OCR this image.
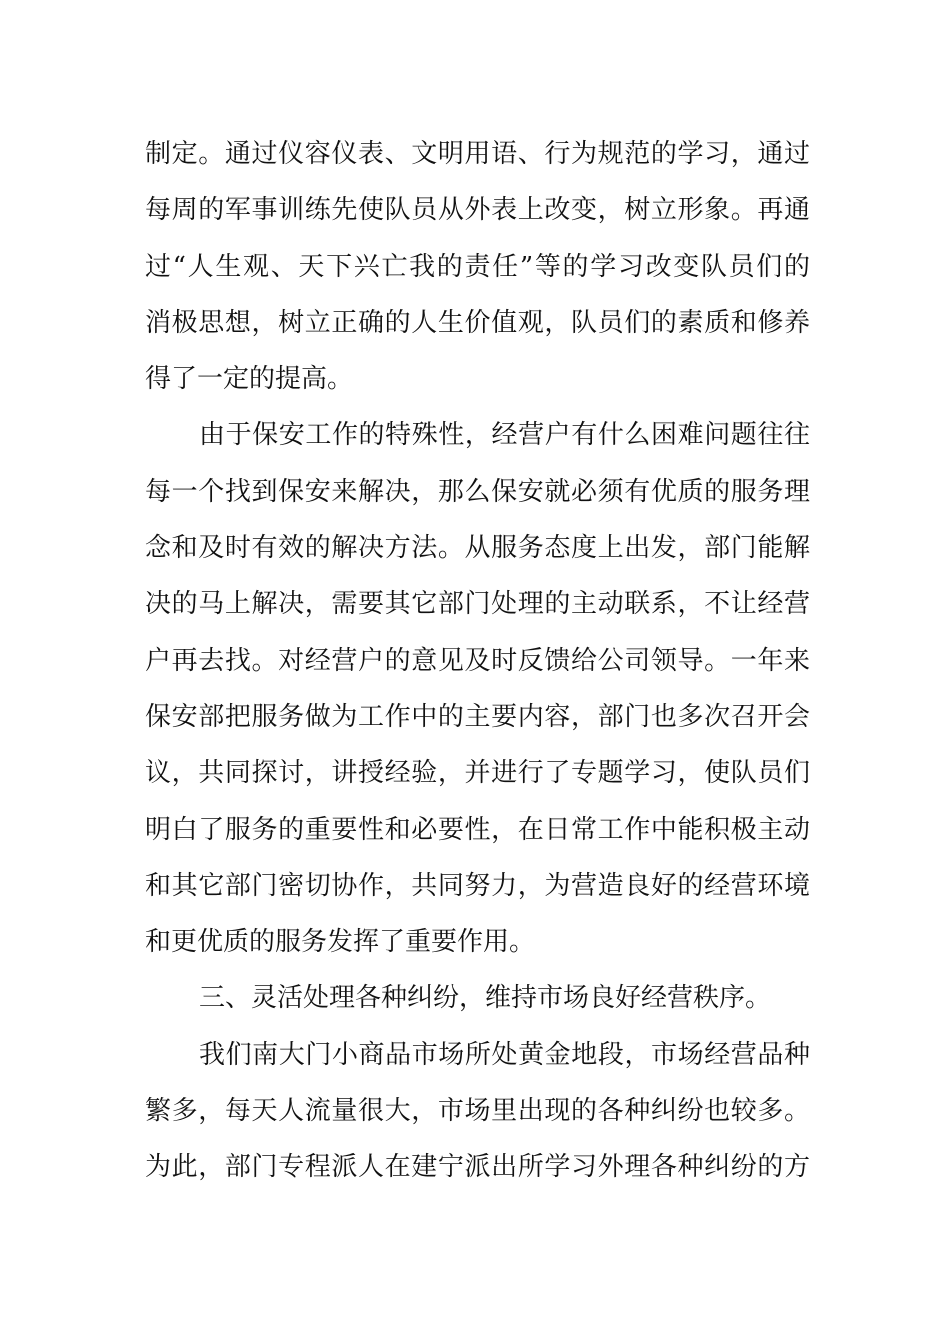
制定。通过仪容仪表、文明用语、行为规范的学习，通过
每周的军事训练先使队员从外表上改变，树立形象。再通
过“人生观、天下兴亡我的责任”等的学习改变队员们的
消极思想，树立正确的人生价值观，队员们的素质和修养
得了一定的提高。
由于保安工作的特殊性，经营户有什么困难问题往往
每一个找到保安来解决，那么保安就必须有优质的服务理
念和及时有效的解决方法。从服务态度上出发，部门能解
决的马上解决，需要其它部门处理的主动联系，不让经营
户再去找。对经营户的意见及时反馈给公司领导。一年来
保安部把服务做为工作中的主要内容，部门也多次召开会
议，共同探讨，讲授经验，并进行了专题学习，使队员们
明白了服务的重要性和必要性，在日常工作中能积极主动
和其它部门密切协作，共同努力，为营造良好的经营环境
和更优质的服务发挥了重要作用。
三、灵活处理各种纠纷，维持市场良好经营秩序。
我们南大门小商品市场所处黄金地段，市场经营品种
繁多，每天人流量很大，市场里出现的各种纠纷也较多。
为此，部门专程派人在建宁派出所学习外理各种纠纷的方
